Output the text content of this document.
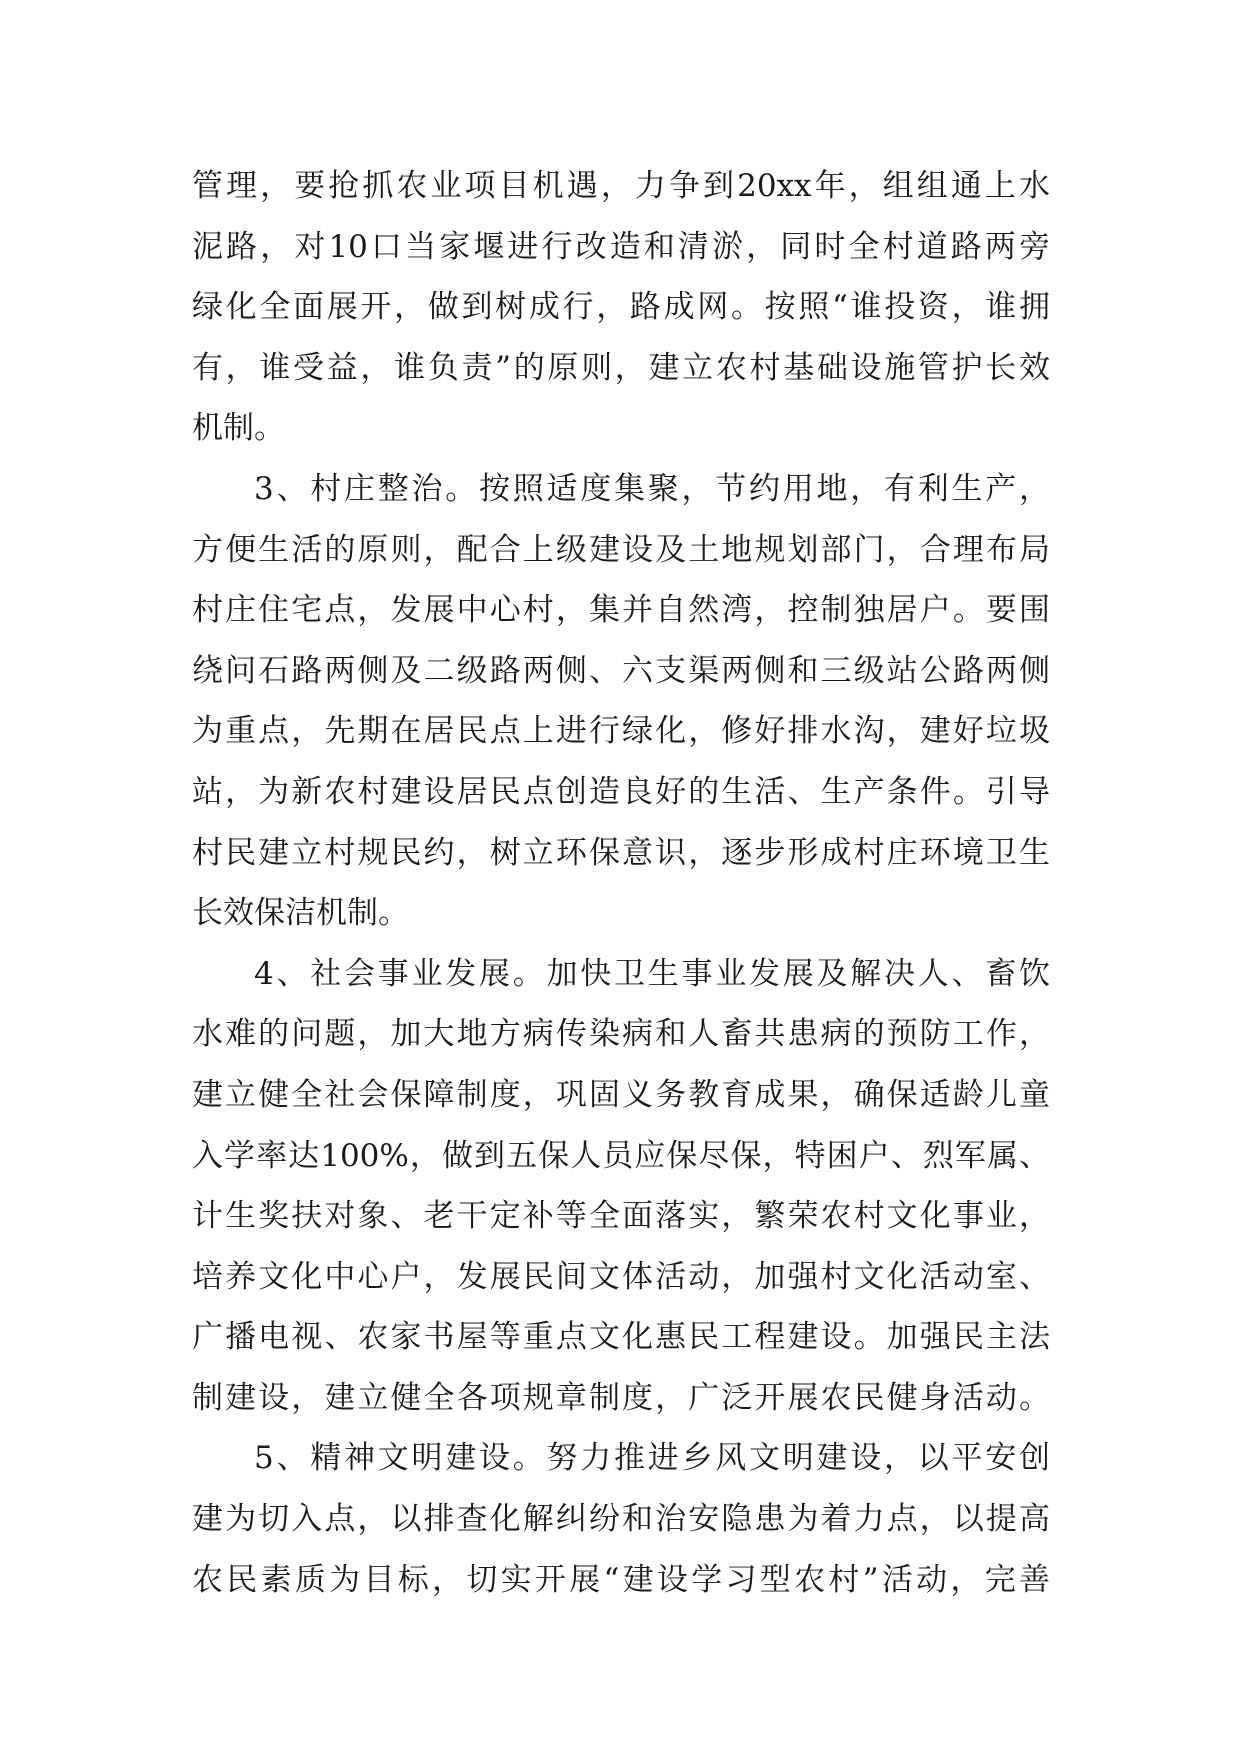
管理，要抢抓农业项目机遇，力争到20xx年，组组通上水
泥路，对10口当家堰进行改造和清淤，同时全村道路两旁
绿化全面展开，做到树成行，路成网。按照“谁投资，谁拥
有，谁受益，谁负责”的原则，建立农村基础设施管护长效
机制。
3、村庄整治。按照适度集聚，节约用地，有利生产，
方便生活的原则，配合上级建设及土地规划部门，合理布局
村庄住宅点，发展中心村，集并自然湾，控制独居户。要围
绕问石路两侧及二级路两侧、六支渠两侧和三级站公路两侧
为重点，先期在居民点上进行绿化，修好排水沟，建好垃圾
站，为新农村建设居民点创造良好的生活、生产条件。引导
村民建立村规民约，树立环保意识，逐步形成村庄环境卫生
长效保洁机制。
4、社会事业发展。加快卫生事业发展及解决人、畜饮
水难的问题，加大地方病传染病和人畜共患病的预防工作，
建立健全社会保障制度，巩固义务教育成果，确保适龄儿童
入学率达100%，做到五保人员应保尽保，特困户、烈军属、
计生奖扶对象、老干定补等全面落实，繁荣农村文化事业，
培养文化中心户，发展民间文体活动，加强村文化活动室、
广播电视、农家书屋等重点文化惠民工程建设。加强民主法
制建设，建立健全各项规章制度，广泛开展农民健身活动。
5、精神文明建设。努力推进乡风文明建设，以平安创
建为切入点，以排查化解纠纷和治安隐患为着力点，以提高
农民素质为目标，切实开展“建设学习型农村”活动，完善
